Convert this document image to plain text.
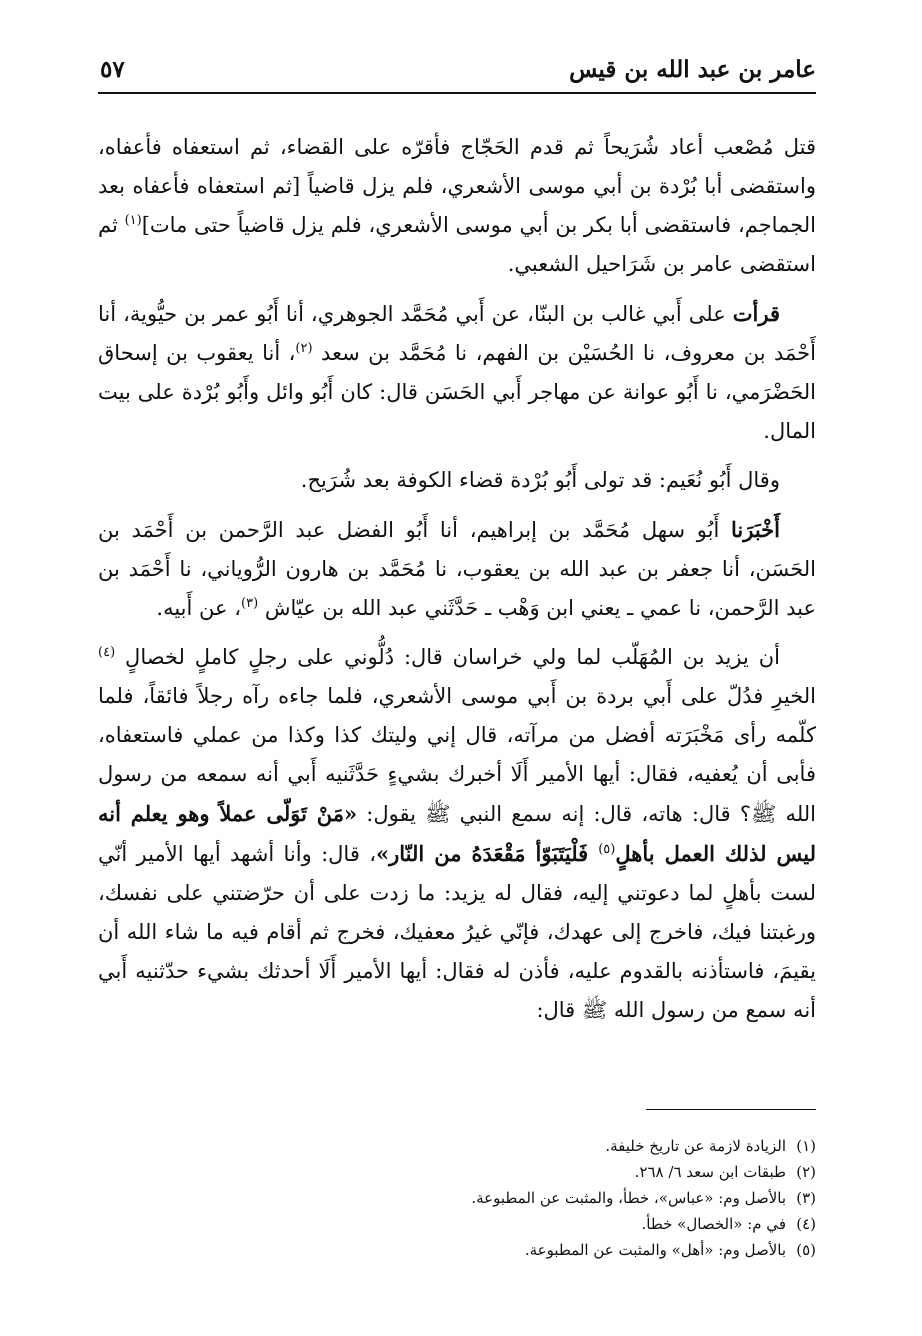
عامر بن عبد الله بن قيس
٥٧

قتل مُصْعب أعاد شُرَيحاً ثم قدم الحَجّاج فأقرّه على القضاء، ثم استعفاه فأعفاه، واستقضى أبا بُرْدة بن أبي موسى الأشعري، فلم يزل قاضياً [ثم استعفاه فأعفاه بعد الجماجم، فاستقضى أبا بكر بن أبي موسى الأشعري، فلم يزل قاضياً حتى مات]$^{(١)}$ ثم استقضى عامر بن شَرَاحيل الشعبي.

قرأت على أَبي غالب بن البنّا، عن أَبي مُحَمَّد الجوهري، أنا أَبُو عمر بن حيُّوية، أنا أَحْمَد بن معروف، نا الحُسَيْن بن الفهم، نا مُحَمَّد بن سعد $^{(٢)}$، أنا يعقوب بن إسحاق الحَضْرَمي، نا أَبُو عوانة عن مهاجر أَبي الحَسَن قال: كان أَبُو وائل وأَبُو بُرْدة على بيت المال.

وقال أَبُو نُعَيم: قد تولى أَبُو بُرْدة قضاء الكوفة بعد شُرَيح.

أَخْبَرَنا أَبُو سهل مُحَمَّد بن إبراهيم، أنا أَبُو الفضل عبد الرَّحمن بن أَحْمَد بن الحَسَن، أنا جعفر بن عبد الله بن يعقوب، نا مُحَمَّد بن هارون الرُّوياني، نا أَحْمَد بن عبد الرَّحمن، نا عمي ـ يعني ابن وَهْب ـ حَدَّثَني عبد الله بن عيّاش $^{(٣)}$، عن أَبيه.

أن يزيد بن المُهَلّب لما ولي خراسان قال: دُلُّوني على رجلٍ كاملٍ لخصالٍ $^{(٤)}$ الخيرِ فدُلّ على أَبي بردة بن أَبي موسى الأشعري، فلما جاءه رآه رجلاً فائقاً، فلما كلّمه رأى مَخْبَرَته أفضل من مرآته، قال إني وليتك كذا وكذا من عملي فاستعفاه، فأبى أن يُعفيه، فقال: أيها الأمير أَلَا أخبرك بشيءٍ حَدَّثَنيه أَبي أنه سمعه من رسول الله ﷺ؟ قال: هاته، قال: إنه سمع النبي ﷺ يقول: «مَنْ تَوَلّى عملاً وهو يعلم أنه ليس لذلك العمل بأهلٍ$^{(٥)}$ فَلْيَتَبَوّأ مَقْعَدَهُ من النّار»، قال: وأنا أشهد أيها الأمير أنّي لست بأهلٍ لما دعوتني إليه، فقال له يزيد: ما زدت على أن حرّضتني على نفسك، ورغبتنا فيك، فاخرج إلى عهدك، فإنّي غيرُ معفيك، فخرج ثم أقام فيه ما شاء الله أن يقيمَ، فاستأذنه بالقدوم عليه، فأذن له فقال: أيها الأمير أَلَا أحدثك بشيء حدّثنيه أَبي أنه سمع من رسول الله ﷺ قال:

(١)
الزيادة لازمة عن تاريخ خليفة.
(٢)
طبقات ابن سعد ٦/ ٢٦٨.
(٣)
بالأصل وم: «عباس»، خطأ، والمثبت عن المطبوعة.
(٤)
في م: «الخصال» خطأ.
(٥)
بالأصل وم: «أهل» والمثبت عن المطبوعة.
